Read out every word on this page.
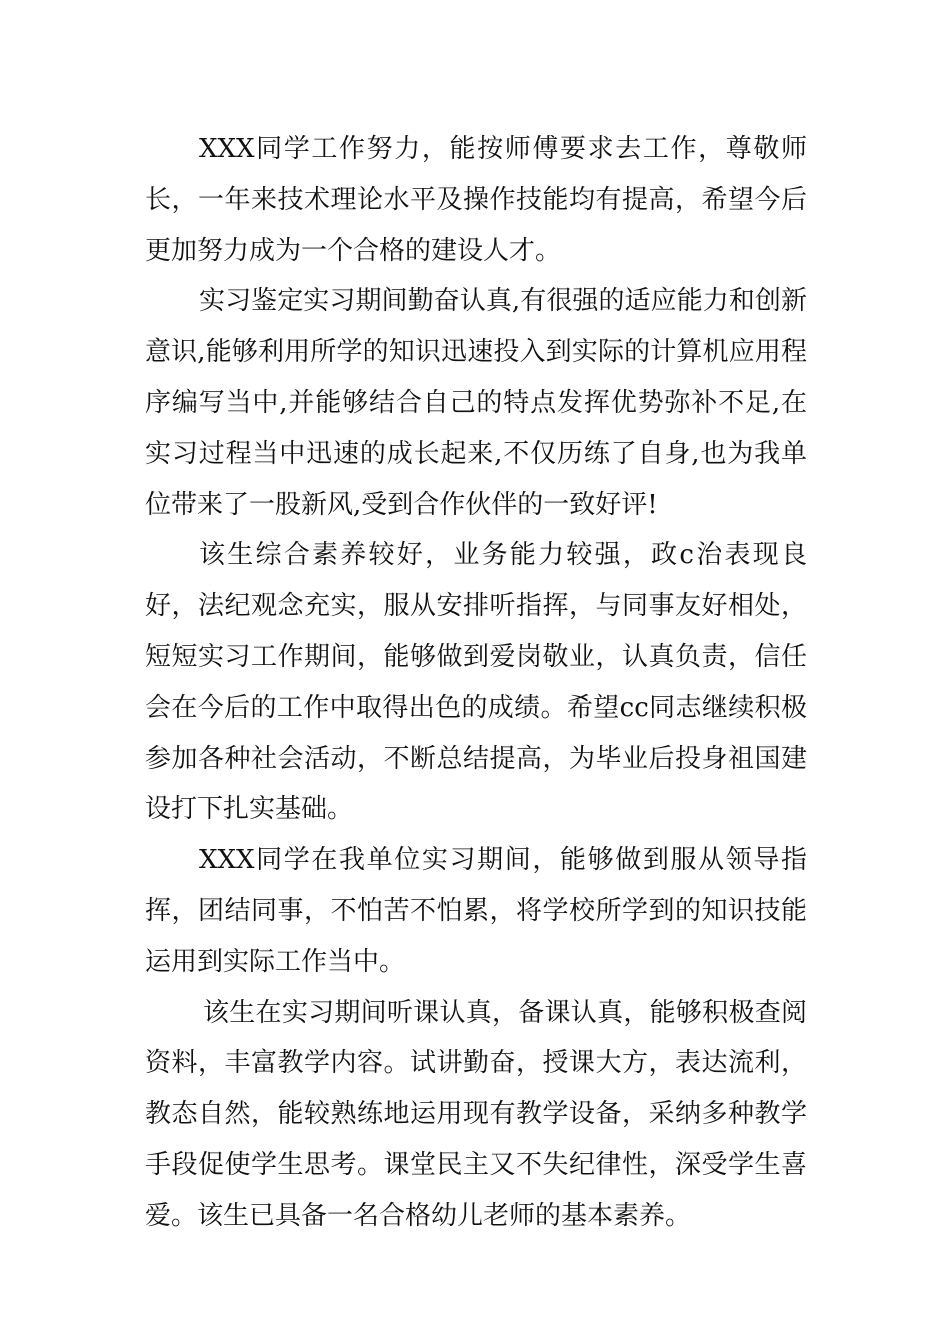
XXX同学工作努力，能按师傅要求去工作，尊敬师长，一年来技术理论水平及操作技能均有提高，希望今后更加努力成为一个合格的建设人才。

实习鉴定实习期间勤奋认真,有很强的适应能力和创新意识,能够利用所学的知识迅速投入到实际的计算机应用程序编写当中,并能够结合自己的特点发挥优势弥补不足,在实习过程当中迅速的成长起来,不仅历练了自身,也为我单位带来了一股新风,受到合作伙伴的一致好评!

该生综合素养较好，业务能力较强，政c治表现良好，法纪观念充实，服从安排听指挥，与同事友好相处，短短实习工作期间，能够做到爱岗敬业，认真负责，信任会在今后的工作中取得出色的成绩。希望cc同志继续积极参加各种社会活动，不断总结提高，为毕业后投身祖国建设打下扎实基础。

XXX同学在我单位实习期间，能够做到服从领导指挥，团结同事，不怕苦不怕累，将学校所学到的知识技能运用到实际工作当中。

该生在实习期间听课认真，备课认真，能够积极查阅资料，丰富教学内容。试讲勤奋，授课大方，表达流利，教态自然，能较熟练地运用现有教学设备，采纳多种教学手段促使学生思考。课堂民主又不失纪律性，深受学生喜爱。该生已具备一名合格幼儿老师的基本素养。
